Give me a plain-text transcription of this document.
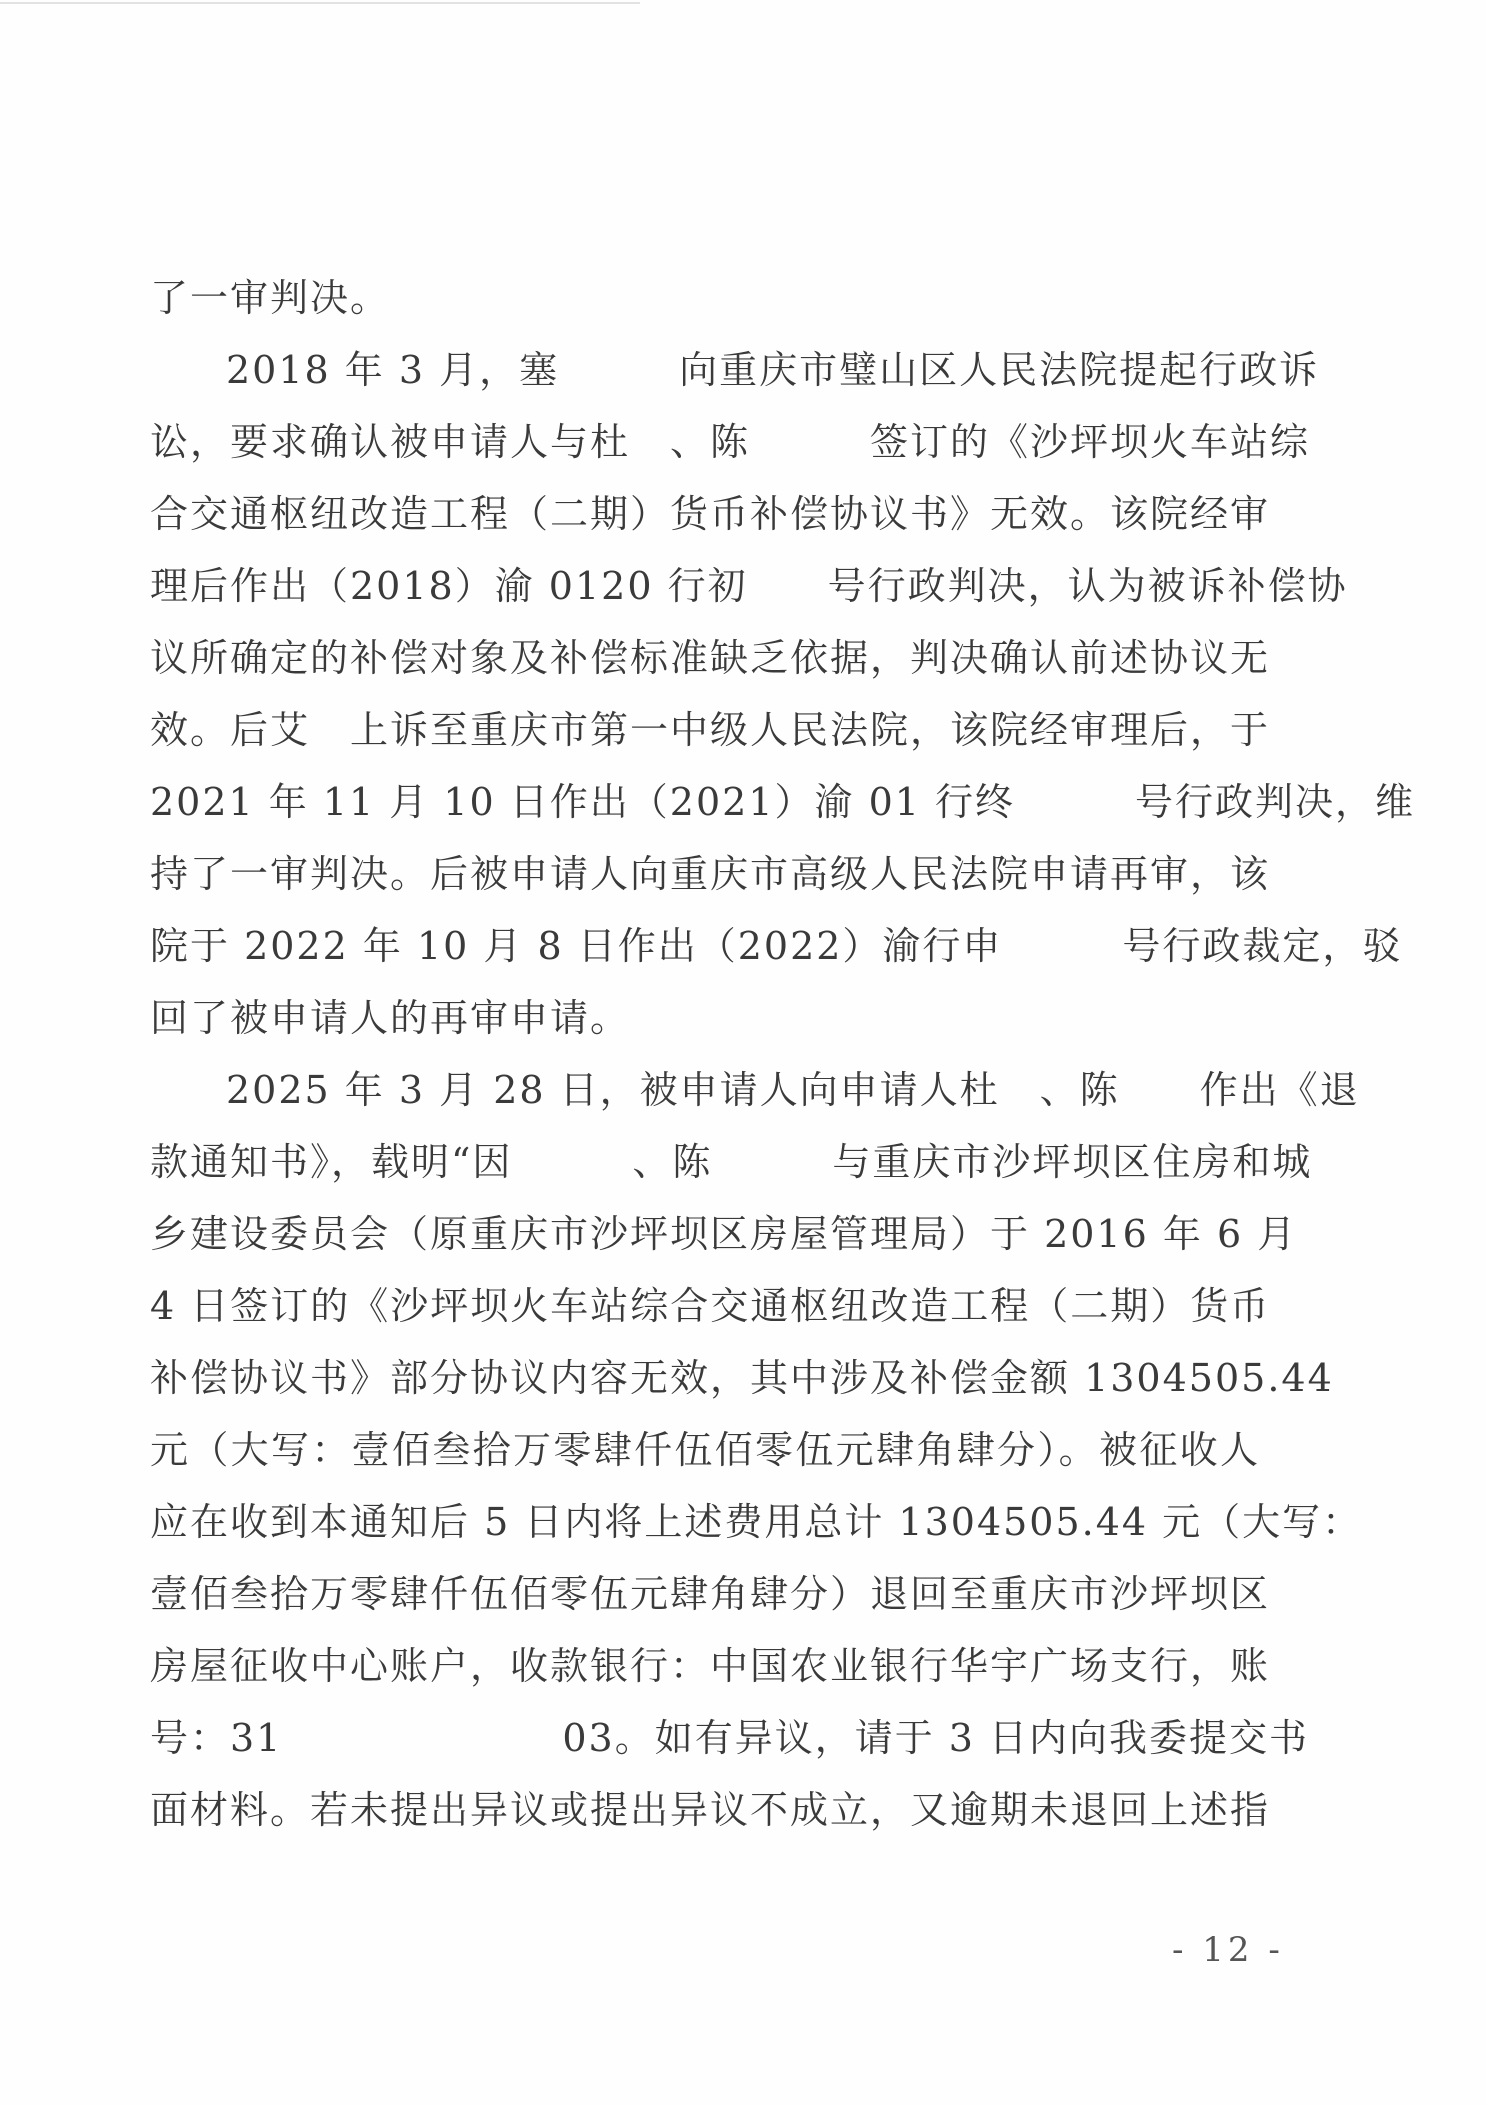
了一审判决。
2018 年 3 月，塞　　　向重庆市璧山区人民法院提起行政诉
讼，要求确认被申请人与杜　、陈　　　签订的《沙坪坝火车站综
合交通枢纽改造工程（二期）货币补偿协议书》无效。该院经审
理后作出（2018）渝 0120 行初　　号行政判决，认为被诉补偿协
议所确定的补偿对象及补偿标准缺乏依据，判决确认前述协议无
效。后艾　上诉至重庆市第一中级人民法院，该院经审理后，于
2021 年 11 月 10 日作出（2021）渝 01 行终　　　号行政判决，维
持了一审判决。后被申请人向重庆市高级人民法院申请再审，该
院于 2022 年 10 月 8 日作出（2022）渝行申　　　号行政裁定，驳
回了被申请人的再审申请。
2025 年 3 月 28 日，被申请人向申请人杜　、陈　　作出《退
款通知书》，载明“因　　　、陈　　　与重庆市沙坪坝区住房和城
乡建设委员会（原重庆市沙坪坝区房屋管理局）于 2016 年 6 月
4 日签订的《沙坪坝火车站综合交通枢纽改造工程（二期）货币
补偿协议书》部分协议内容无效，其中涉及补偿金额 1304505.44
元（大写：壹佰叁拾万零肆仟伍佰零伍元肆角肆分）。被征收人
应在收到本通知后 5 日内将上述费用总计 1304505.44 元（大写：
壹佰叁拾万零肆仟伍佰零伍元肆角肆分）退回至重庆市沙坪坝区
房屋征收中心账户，收款银行：中国农业银行华宇广场支行，账
号：31　　　　　　　03。如有异议，请于 3 日内向我委提交书
面材料。若未提出异议或提出异议不成立，又逾期未退回上述指
- 12 -
